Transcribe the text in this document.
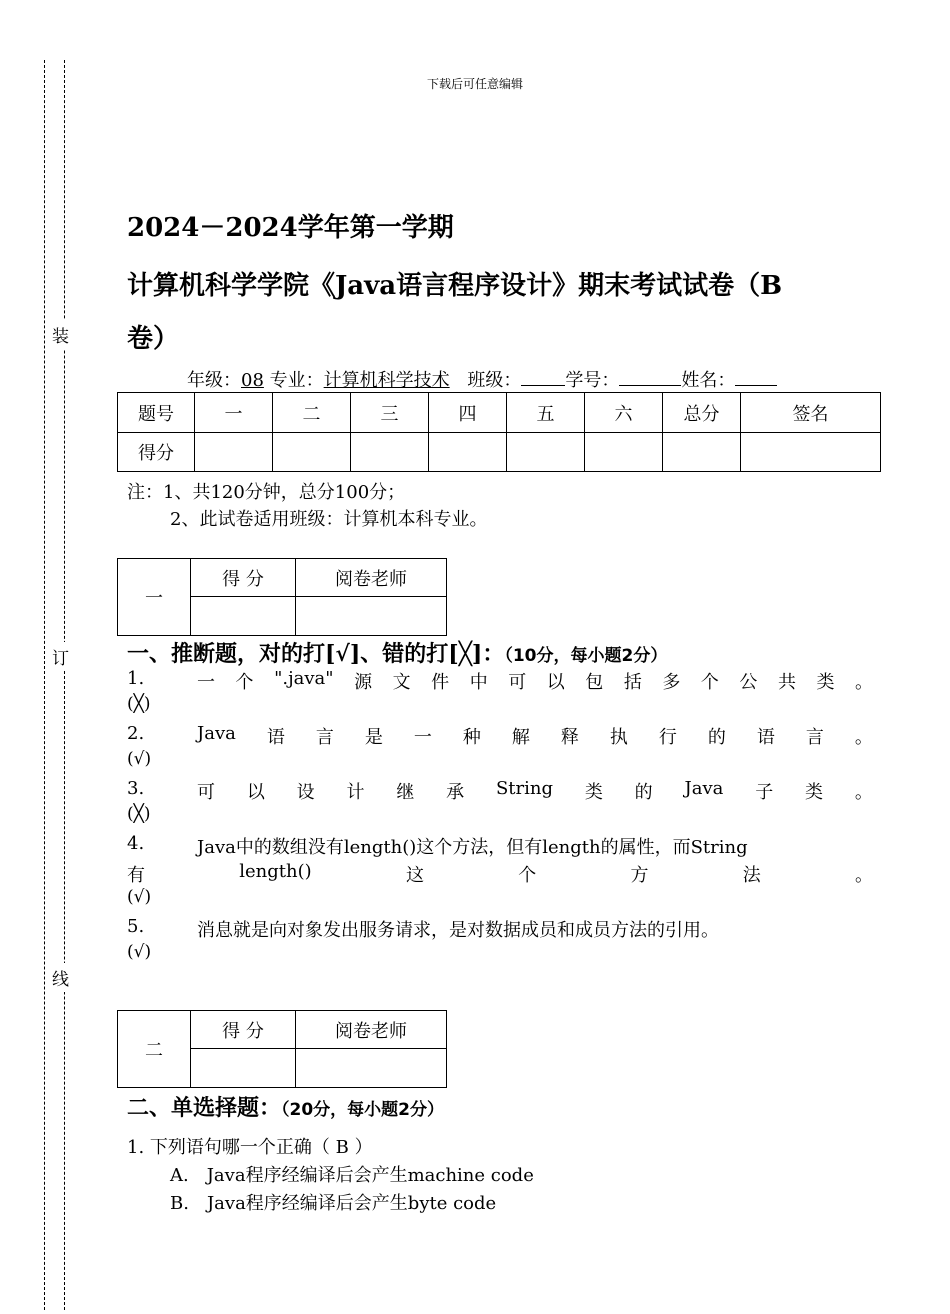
装
订
线
下载后可任意编辑
2024－2024学年第一学期
计算机科学学院《Java语言程序设计》期末考试试卷（B
卷）
年级：08 专业：计算机科学技术 班级： 学号：	姓名：
题号	一	二	三	四	五	六	总分	签名
得分								
注：1、共120分钟，总分100分；
2、此试卷适用班级：计算机本科专业。
一	得 分	阅卷老师

一、推断题，对的打[√]、错的打[╳]：（10分，每小题2分）
1.	一 个 ".java" 源 文 件 中 可 以 包 括 多 个 公 共 类 。
(╳)
2.	Java 语 言 是 一 种 解 释 执 行 的 语 言 。
(√)
3.	可 以 设 计 继 承 String 类 的 Java 子 类 。
(╳)
4.	Java中的数组没有length()这个方法，但有length的属性，而String
有	length()	这	个	方	法	。
(√)
5.	消息就是向对象发出服务请求，是对数据成员和成员方法的引用。
(√)
二	得 分	阅卷老师

二、单选择题：（20分，每小题2分）
1. 下列语句哪一个正确（ B ）
A.　Java程序经编译后会产生machine code
B.　Java程序经编译后会产生byte code
